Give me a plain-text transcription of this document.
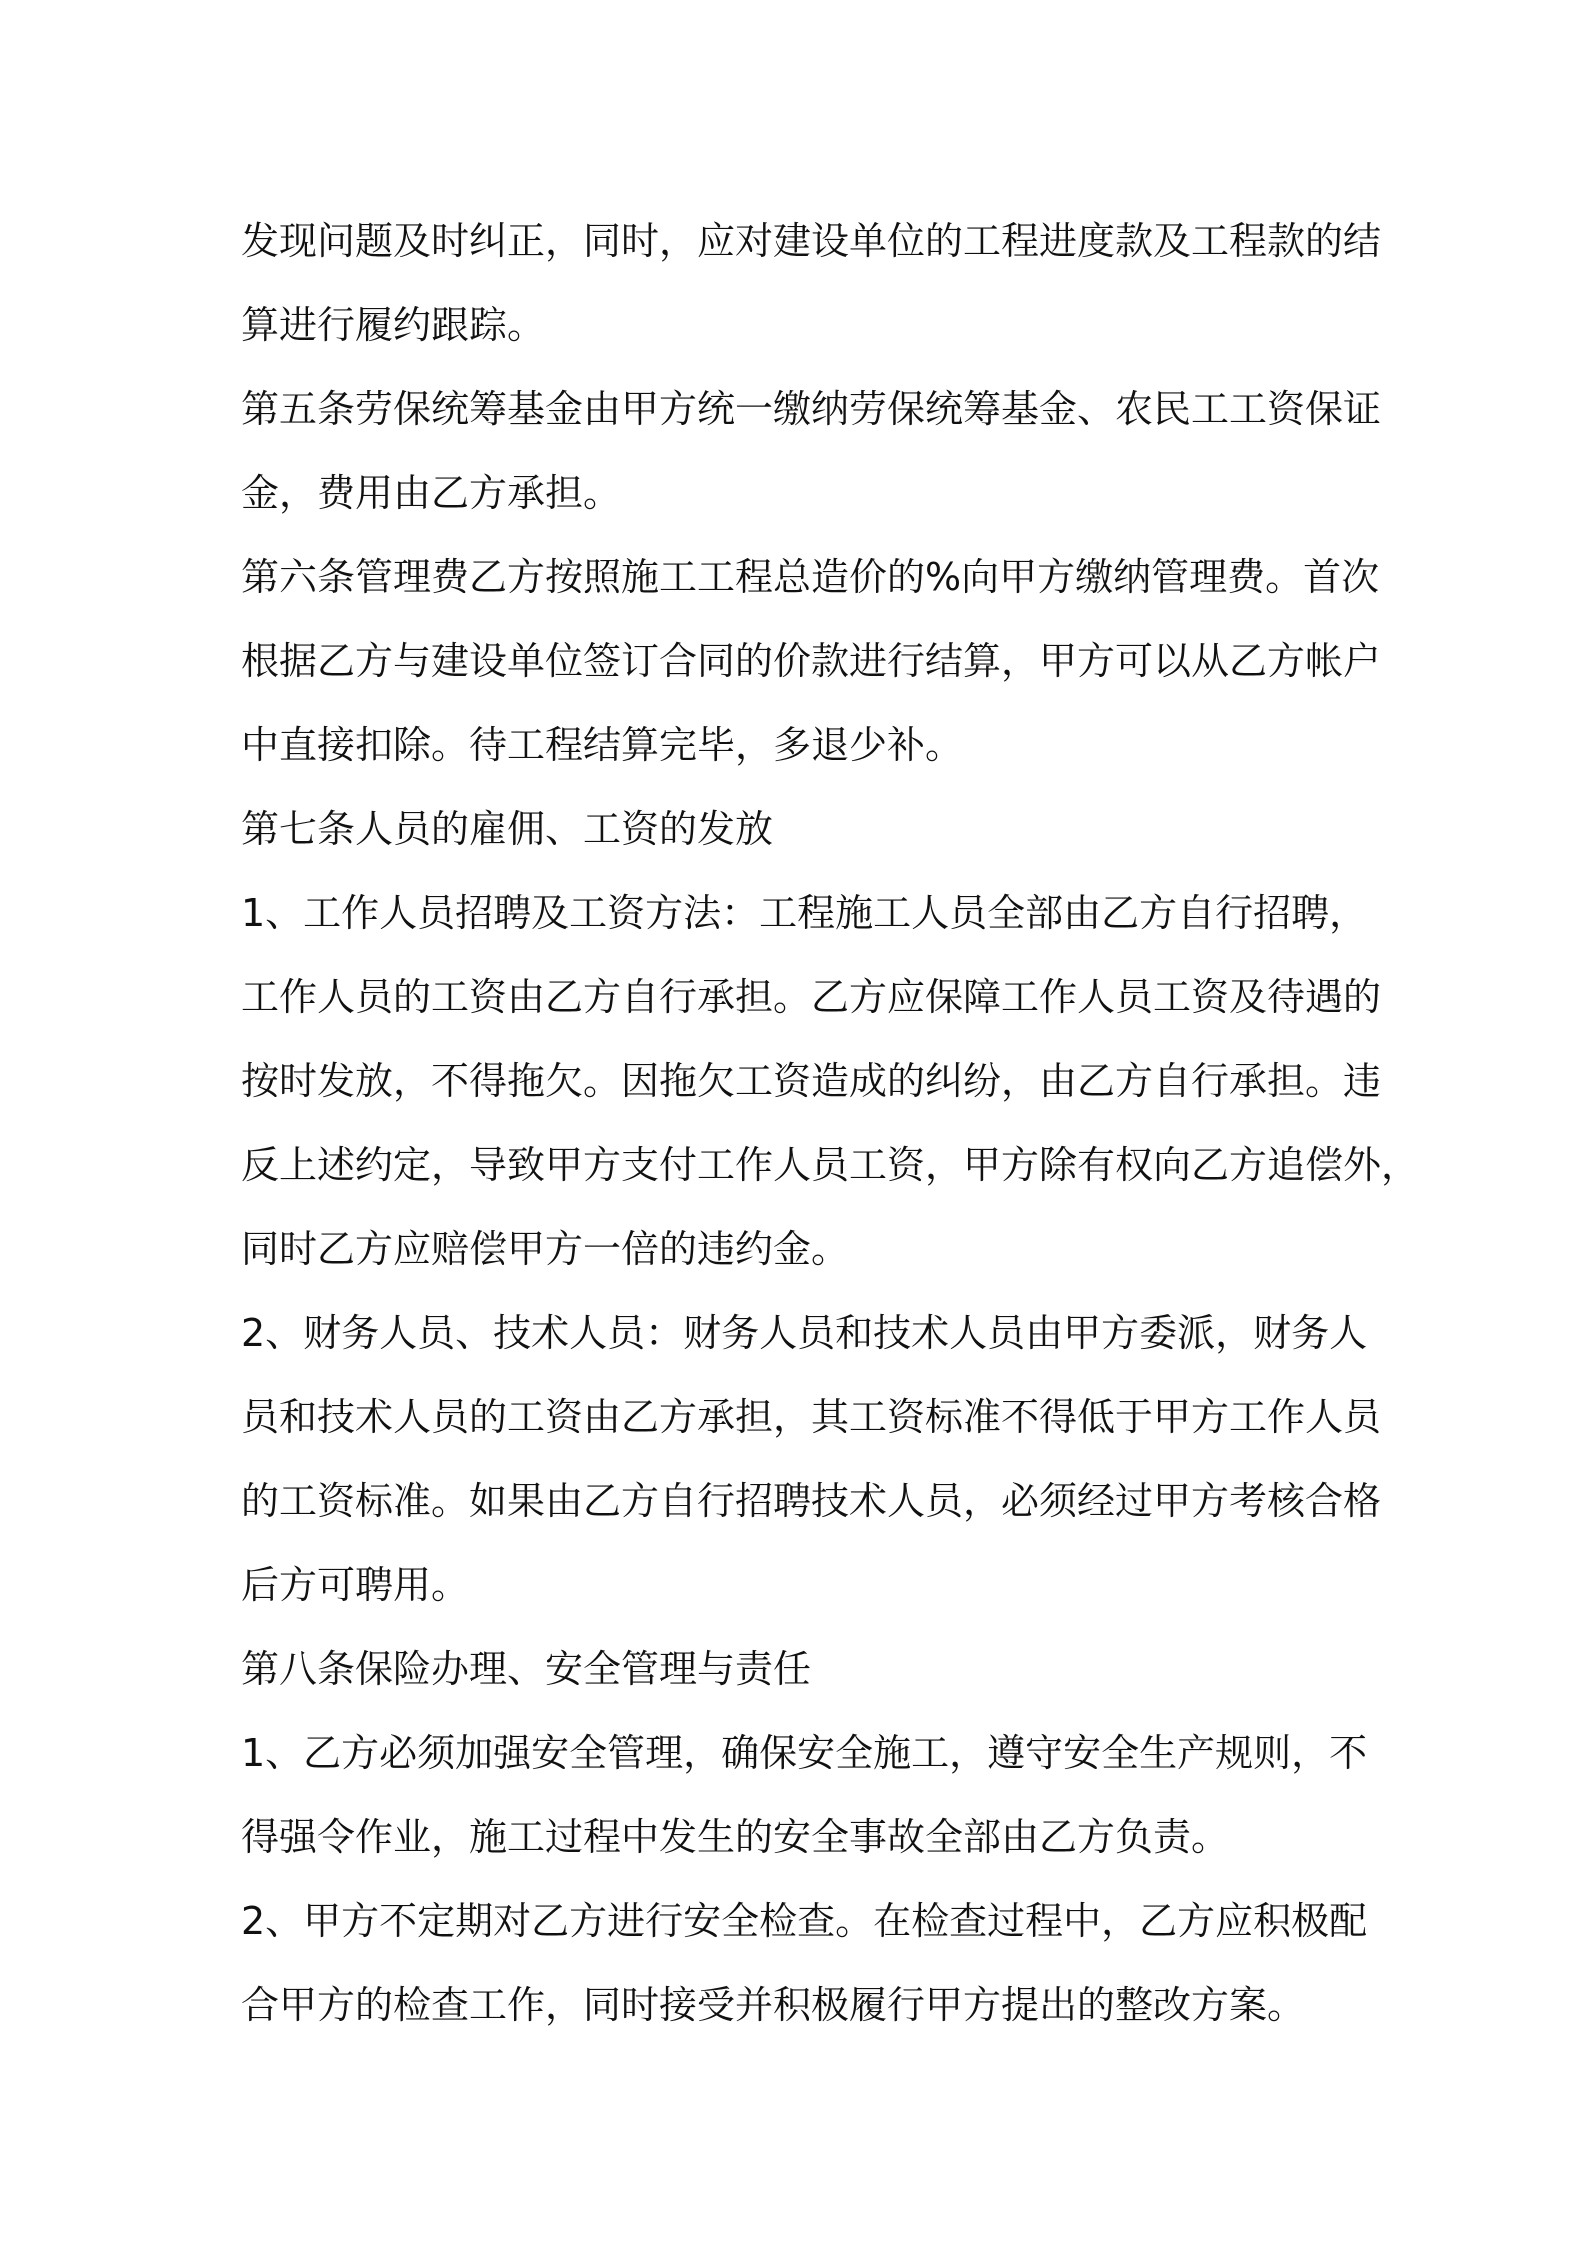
发现问题及时纠正，同时，应对建设单位的工程进度款及工程款的结
算进行履约跟踪。
第五条劳保统筹基金由甲方统一缴纳劳保统筹基金、农民工工资保证
金，费用由乙方承担。
第六条管理费乙方按照施工工程总造价的%向甲方缴纳管理费。首次
根据乙方与建设单位签订合同的价款进行结算，甲方可以从乙方帐户
中直接扣除。待工程结算完毕，多退少补。
第七条人员的雇佣、工资的发放
1、工作人员招聘及工资方法：工程施工人员全部由乙方自行招聘，
工作人员的工资由乙方自行承担。乙方应保障工作人员工资及待遇的
按时发放，不得拖欠。因拖欠工资造成的纠纷，由乙方自行承担。违
反上述约定，导致甲方支付工作人员工资，甲方除有权向乙方追偿外，
同时乙方应赔偿甲方一倍的违约金。
2、财务人员、技术人员：财务人员和技术人员由甲方委派，财务人
员和技术人员的工资由乙方承担，其工资标准不得低于甲方工作人员
的工资标准。如果由乙方自行招聘技术人员，必须经过甲方考核合格
后方可聘用。
第八条保险办理、安全管理与责任
1、乙方必须加强安全管理，确保安全施工，遵守安全生产规则，不
得强令作业，施工过程中发生的安全事故全部由乙方负责。
2、甲方不定期对乙方进行安全检查。在检查过程中，乙方应积极配
合甲方的检查工作，同时接受并积极履行甲方提出的整改方案。
